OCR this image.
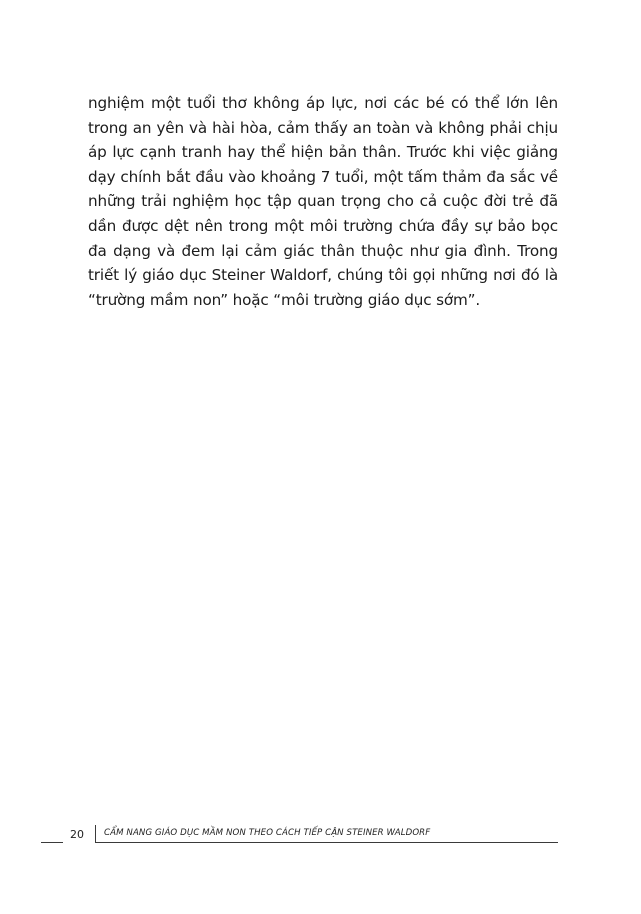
nghiệm một tuổi thơ không áp lực, nơi các bé có thể lớn lên
trong an yên và hài hòa, cảm thấy an toàn và không phải chịu
áp lực cạnh tranh hay thể hiện bản thân. Trước khi việc giảng
dạy chính bắt đầu vào khoảng 7 tuổi, một tấm thảm đa sắc về
những trải nghiệm học tập quan trọng cho cả cuộc đời trẻ đã
dần được dệt nên trong một môi trường chứa đầy sự bảo bọc
đa dạng và đem lại cảm giác thân thuộc như gia đình. Trong
triết lý giáo dục Steiner Waldorf, chúng tôi gọi những nơi đó là
“trường mầm non” hoặc “môi trường giáo dục sớm”.
20	CẨM NANG GIÁO DỤC MẦM NON THEO CÁCH TIẾP CẬN STEINER WALDORF
